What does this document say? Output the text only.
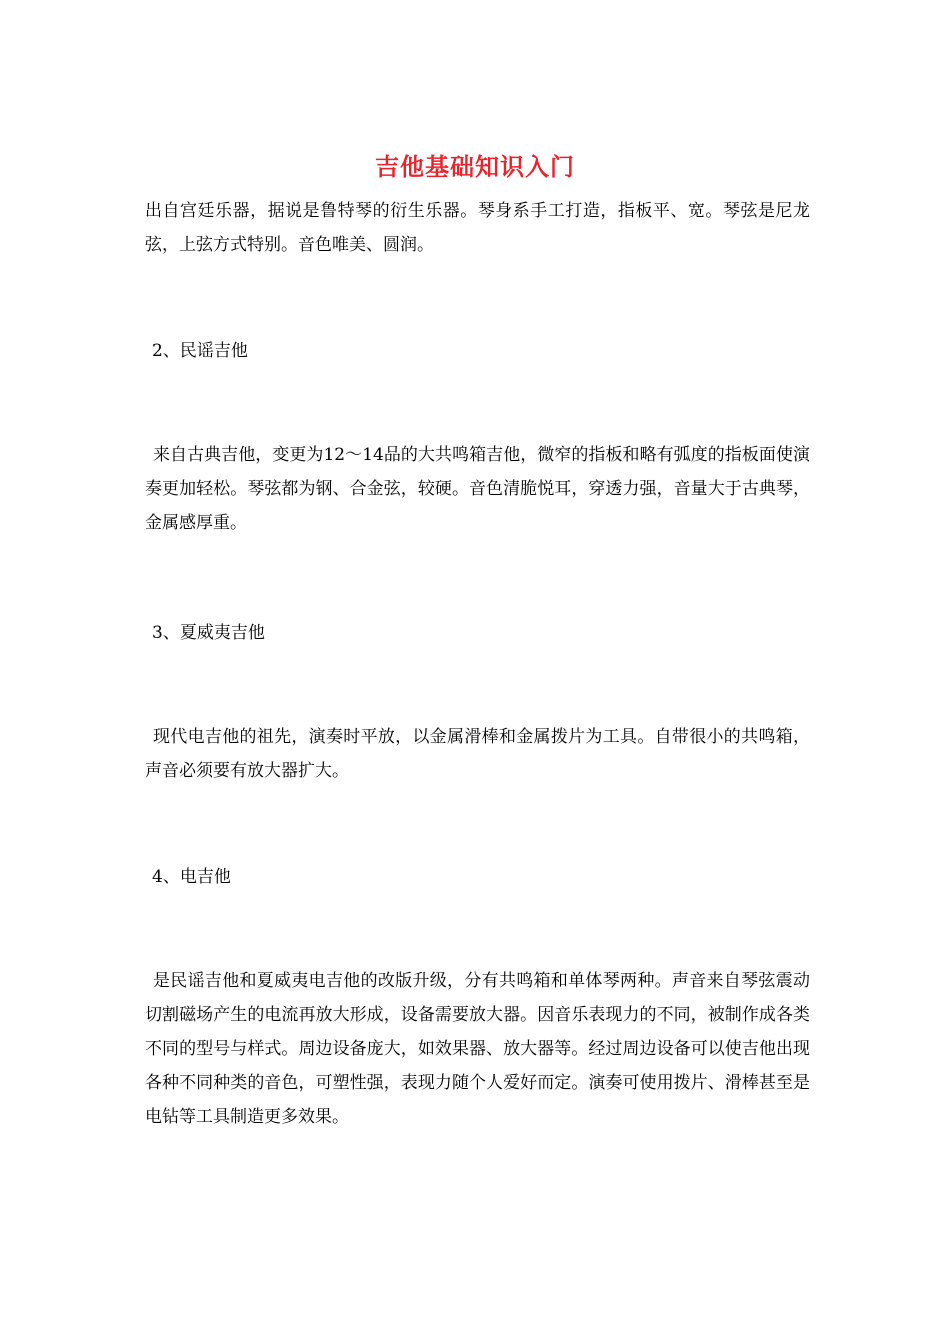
吉他基础知识入门
出自宫廷乐器，据说是鲁特琴的衍生乐器。琴身系手工打造，指板平、宽。琴弦是尼龙弦，上弦方式特别。音色唯美、圆润。
2、民谣吉他
来自古典吉他，变更为12～14品的大共鸣箱吉他，微窄的指板和略有弧度的指板面使演奏更加轻松。琴弦都为钢、合金弦，较硬。音色清脆悦耳，穿透力强，音量大于古典琴，金属感厚重。
3、夏威夷吉他
现代电吉他的祖先，演奏时平放，以金属滑棒和金属拨片为工具。自带很小的共鸣箱，声音必须要有放大器扩大。
4、电吉他
是民谣吉他和夏威夷电吉他的改版升级，分有共鸣箱和单体琴两种。声音来自琴弦震动切割磁场产生的电流再放大形成，设备需要放大器。因音乐表现力的不同，被制作成各类不同的型号与样式。周边设备庞大，如效果器、放大器等。经过周边设备可以使吉他出现各种不同种类的音色，可塑性强，表现力随个人爱好而定。演奏可使用拨片、滑棒甚至是电钻等工具制造更多效果。
